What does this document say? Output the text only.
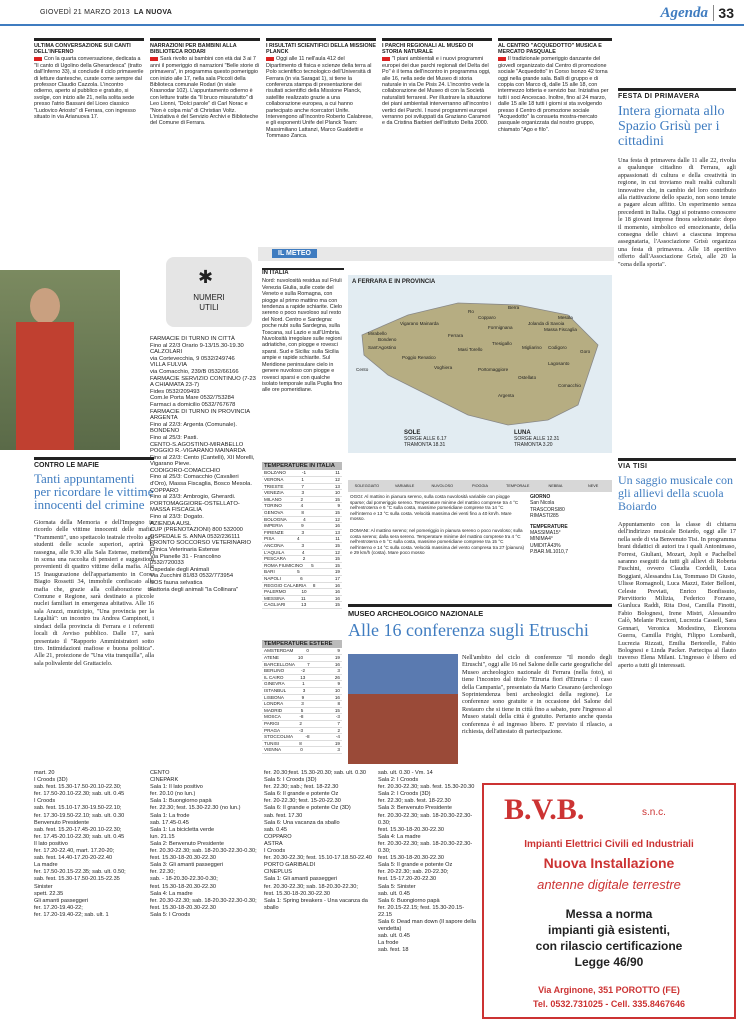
GIOVEDÌ 21 MARZO 2013 LA NUOVA	Agenda 33
ULTIMA CONVERSAZIONE SUI CANTI DELL'INFERNO

Con la quarta conversazione, dedicata a "Il canto di Ugolino della Gherardesca" (tratto dall'Inferno 33), si conclude il ciclo primaverile di letture dantesche, curate come sempre dal professor Claudio Cazzola. L'incontro odierno, aperto al pubblico e gratuito, si svolge, con inizio alle 21, nella solita sede presso l'atrio Bassani del Liceo classico "Ludovico Ariosto" di Ferrara, con ingresso situato in via Arianuova 17.

NARRAZIONI PER BAMBINI ALLA BIBLIOTECA RODARI

Sarà rivolto ai bambini con età dai 3 ai 7 anni il pomeriggio di narrazioni "Belle storie di primavera", in programma questo pomeriggio con inizio alle 17, nella sala Piccoli della Biblioteca comunale Rodari (in viale Krasnodar 102). L'appuntamento odierno è con letture tratte da "Il bruco misuratutto" di Leo Lionni, "Dolci parole" di Carl Norac e "Non è colpa mia" di Christian Voltz. L'iniziativa è del Servizio Archivi e Biblioteche del Comune di Ferrara.

I RISULTATI SCIENTIFICI DELLA MISSIONE PLANCK

Oggi alle 11 nell'aula 412 del Dipartimento di fisica e scienze della terra al Polo scientifico tecnologico dell'Università di Ferrara (in via Saragat 1), si tiene la conferenza stampa di presentazione dei risultati scientifici della Missione Planck, satellite realizzato grazie a una collaborazione europea, a cui hanno partecipato anche ricercatori Unife. Intervengono all'incontro Roberto Calabrese, e gli esponenti Unife del Planck Team: Massimiliano Lattanzi, Marco Gualdetti e Tommaso Zanca.

I PARCHI REGIONALI AL MUSEO DI STORIA NATURALE

"I piani ambientali e i nuovi programmi europei dei due parchi regionali del Delta del Po" è il tema dell'incontro in programma oggi, alle 16, nella sede del Museo di storia naturale in via De Pisis 24. L'incontro vede la collaborazione del Museo di con la Società naturalisti ferraresi. Per illustrare la situazione dei piani ambientali interverranno all'incontro i vertici dei Parchi. I nuovi programmi europei verranno poi sviluppati da Graziano Caramori e da Cristina Barbieri dell'Istituto Delta 2000.

AL CENTRO "ACQUEDOTTO" MUSICA E MERCATO PASQUALE

Il tradizionale pomeriggio danzante del giovedì organizzato dal Centro di promozione sociale "Acquedotto" in Corso Isonzo 42 torna oggi nella grande sala. Balli di gruppo e di coppia con Marco dj, dalle 15 alle 18, con intermezzo lotteria e servizio bar. Iniziativa per tutti i soci Ancescao. Inoltre, fino al 24 marzo, dalle 15 alle 18 tutti i giorni si sta svolgendo presso il Centro di promozione sociale "Acquedotto" la consueta mostra-mercato pasquale organizzata dal nostro gruppo, chiamato "Ago e filo".

FESTA DI PRIMAVERA
Intera giornata allo Spazio Grisù per i cittadini

Una festa di primavera dalle 11 alle 22, rivolta a qualunque cittadino di Ferrara, agli appassionati di cultura e della creatività in regione, in cui troviamo reali realtà culturali innovative che, in cambio del loro contributo alla riattivazione dello spazio, non sono tenute a pagare alcun affitto. Un esperimento senza precedenti in Italia. Oggi si potranno conoscere le 18 giovani imprese finora selezionate: dopo il momento, simbolico ed emozionante, della consegna delle chiavi a ciascuna impresa assegnataria, l'Associazione Grisù organizza una festa di primavera. Alle 18 aperitivo offerto dall'Associazione Grisù, alle 20 la "cena della sporta".

CONTRO LE MAFIE
Tanti appuntamenti per ricordare le vittime innocenti del crimine

Giornata della Memoria e dell'Impegno in ricordo delle vittime innocenti delle mafie. "Frammenti", uno spettacolo teatrale rivolto agli studenti delle scuole superiori, aprirà la rassegna, alle 9.30 alla Sala Estense, mettendo in scena una raccolta di pensieri e suggestioni provenienti di quattro vittime della mafia. Alle 15 Inaugurazione dell'appartamento in Corso Biagio Rossetti 34, immobile confiscato alla mafia che, grazie alla collaborazione tra Comune e Regione, sarà destinato a piccole nuclei familiari in emergenza abitativa. Alle 16 sala Arazzi, municipio, "Una provincia per la Legalità": un incontro tra Andrea Campinoti, i sindaci della provincia di Ferrara e i referenti locali di Avviso pubblico. Dalle 17, sarà presentato il "Rapporto Amministratori sotto tiro. Intimidazioni mafiose e buona politica". Alle 21, proiezione de "Una vita tranquilla", alla sala polivalente del Grattacielo.

✱
NUMERI
UTILI
FARMACIE DI TURNO IN CITTÀ
Fino al 22/3 Orario 9-13/15.30-19.30
CALZOLARI
via Cortevecchia, 9 0532/249746
VILLA FULVIA
via Comacchio, 239/B 0532/66166
FARMACIE SERVIZIO CONTINUO (7-23 A CHIAMATA 23-7)
Fides 0532/209493
Com.le Porta Mare 0532/753284
Farmaci a domicilio 0532/767678
FARMACIE DI TURNO IN PROVINCIA
ARGENTA
Fino al 22/3: Argenta (Comunale).
BONDENO
Fino al 25/3: Pasti.
CENTO-S.AGOSTINO-MIRABELLO POGGIO R.-VIGARANO MAINARDA
Fino al 22/3: Cento (Cantelli), XII Morelli, Vigarano Pieve.
CODIGORO-COMACCHIO
Fino al 25/3: Comacchio (Cavalieri d'Oro), Massa Fiscaglia, Bosco Mesola.
COPPARO
Fino al 23/3: Ambrogio, Gherardi.
PORTOMAGGIORE-OSTELLATO-MASSA FISCAGLIA
Fino al 23/3: Dogato.
AZIENDA AUSL
CUP (PRENOTAZIONI) 800 532000
OSPEDALE S. ANNA 0532/236111
PRONTO SOCCORSO VETERINARIO
Clinica Veterinaria Estense
Via Pianelle 31 - Francolino 0532/720033
Ospedale degli Animali
Via Zucchini 81/83 0532/773954
SOS fauna selvatica
Fattoria degli animali "la Collinara"
IL METEO
IN ITALIA

Nord: nuvolosità residua sul Friuli Venezia Giulia, sulle coste del Veneto e sulla Romagna, con piogge al primo mattino ma con tendenza a rapide schiarite. Cielo sereno o poco nuvoloso sul resto del Nord. Centro e Sardegna: poche nubi sulla Sardegna, sulla Toscana, sul Lazio e sull'Umbria. Nuvolosità irregolare sulle regioni adriatiche, con piogge e rovesci sparsi. Sud e Sicilia: sulla Sicilia ampie e rapide schiarite. Sul Meridione peninsulare cielo in genere nuvoloso con piogge e rovesci sparsi e con qualche isolato temporale sulla Puglia fino alle ore pomeridiane.

TEMPERATURE IN ITALIA
BOLZANO	-1	11
VERONA	1	12
TRIESTE	7	13
VENEZIA	3	10
MILANO	2	15
TORINO	4	9
GENOVA	8	15
BOLOGNA	4	12
IMPERIA	9	16
FIRENZE	3	13
PISA	4	11
ANCONA	3	15
L'AQUILA	4	12
PESCARA	2	15
ROMA FIUMICINO 5	15
BARI	5	19
NAPOLI	6	17
REGGIO CALABRIA 8	16
PALERMO	10	16
MESSINA	11	16
CAGLIARI	13	15
TEMPERATURE ESTERE
AMSTERDAM	0	9
ATENE	10	19
BARCELLONA	7	16
BERLINO	-2	3
IL CAIRO	13	26
GINEVRA	1	9
ISTANBUL	3	10
LISBONA	9	16
LONDRA	3	8
MADRID	5	15
MOSCA	-8	-3
PARIGI	2	7
PRAGA	-3	2
STOCCOLMA	-8	-4
TUNISI	8	19
VIENNA	0	3
A FERRARA E IN PROVINCIA
Bondeno
Ferrara
Copparo	Mesola
Cento
Argenta
Comacchio
Codigoro
Portomaggiore
Ostellato
Goro
Berra
Ro
Tresigallo
Formignana
Jolanda di Savoia
Massa Fiscaglia
Lagosanto
Vigarano Mainarda
Poggio Renatico
Sant'Agostino
Mirabello
Masi Torello
Voghiera
Migliarino
SOLE
SORGE ALLE 6.17
TRAMONTA 18.31
LUNA
SORGE ALLE 12.31
TRAMONTA 3.20
SOLEGGIATO	VARIABILE	NUVOLOSO	PIOGGIA	TEMPORALE	NEBBIA	NEVE

OGGI: Al mattino in pianura sereno, sulla costa nuvolosità variabile con piogge sparse; dal pomeriggio sereno. Temperature minime del mattino comprese tra 4 °C nell'entroterra e 6 °C sulla costa, massime pomeridiane comprese tra 14 °C nell'interno e 13 °C sulla costa. Velocità massima dei venti fino a 40 km/h. Mare mosso.

DOMANI: Al mattino sereno; nel pomeriggio in pianura sereno o poco nuvoloso; sulla costa sereno; dalla sera sereno. Temperature minime del mattino comprese tra 4 °C nell'entroterra e 5 °C sulla costa, massime pomeridiane comprese tra 15 °C nell'interno e 14 °C sulla costa. Velocità massima del vento compresa tra 27 (pianura) e 29 km/h (costa). Mare poco mosso

GIORNO
San Nicola
TRASCORSI80
RIMASTI285
TEMPERATURE
MASSIMA15°
MINIMA4°
UMIDITÀ43%
P.BAR.ML1010,7
MUSEO ARCHEOLOGICO NAZIONALE
Alle 16 conferenza sugli Etruschi

Nell'ambito del ciclo di conferenze "Il mondo degli Etruschi", oggi alle 16 nel Salone delle carte geografiche del Museo archeologico nazionale di Ferrara (nella foto), si tiene l'incontro dal titolo "Etruria fiori d'Etruria : il caso della Campania", presentato da Mario Cesarano (archeologo Soprintendenza beni archeologici della regione). Le conferenze sono gratuite e in occasione del Salone del Restauro che si tiene in città fino a sabato, pure l'ingresso al Museo statali della città è gratuito. Pertanto anche questa conferenza è ad ingresso libero. E' previsto il rilascio, a richiesta, dell'attestato di partecipazione.

VIA TISI
Un saggio musicale con gli allievi della scuola Boiardo

Appuntamento con la classe di chitarra dell'indirizzo musicale Boiardo, oggi alle 17 nella sede di via Benvenuto Tisi. In programma brani didattici di autori tra i quali Antonimaso, Forrest, Giuliani, Mozart, Jopli e Pachelbel saranno eseguiti da tutti gli allievi di Roberta Fuschini, ovvero Claudia Cordelli, Luca Boggiani, Alessandra Lia, Tommaso Di Giusto, Ulisse Romagnoli, Luca Mazzi, Ester Belloni, Celeste Previati, Enrico Bonfissuto, Piervittorio Milizia, Federico Forzano, Gianluca Raddi, Rita Dosi, Camilla Finotti, Fabio Bolognesi, Irene Mistri, Alessandro Calò, Melanie Piccioni, Lucrezia Cassell, Sara Gennari, Veronica Modestino, Eleonora Guerra, Camilla Frighi, Filippo Lombardi, Lucrezia Rizzati, Emilia Bertorelle, Fabio Bolognesi e Linda Packer. Partecipa al flauto traverso Elena Milani. L'ingresso è libero ed aperto a tutti gli interessati.

mart. 20
I Croods (3D)
sab. fest. 15.30-17.50-20.10-22.30;
fer. 17.50-20.10-22.30; sab. ult. 0.45
I Croods
sab. fest. 15.10-17.30-19.50-22.10;
fer. 17.30-19.50-22.10; sab. ult. 0.30
Benvenuto Presidente
sab. fest. 15.20-17.45-20.10-22.30;
fer. 17.45-20.10-22.30; sab. ult. 0.45
Il lato positivo
fer. 17.20-22.40, mart. 17.20-20;
sab. fest. 14.40-17.20-20-22.40
La madre
fer. 17.50-20.15-22.35; sab. ult. 0.50;
sab. fest. 15.30-17.50-20.15-22.35
Sinister
spett. 22.35
Gli amanti passeggeri
fer. 17.20-19.40-22;
fer. 17.20-19.40-22; sab. ult. 1
CENTO
CINEPARK
Sala 1: Il lato positivo
fer. 20.10 (no lun.)
Sala 1: Buongiorno papà
fer. 22.30; fest. 15.30-22.30 (no lun.)
Sala 1: La frode
sab. 17.45-0.45
Sala 1: La bicicletta verde
lun. 21.15
Sala 2: Benvenuto Presidente
fer. 20.30-22.30; sab. 18-20.30-22.30-0.30;
fest. 15.30-18-20.30-22.30
Sala 3: Gli amanti passeggeri
fer. 22.30;
sab. - 18-20.30-22.30-0.30;
fest. 15.30-18-20.30-22.30
Sala 4: La madre
fer. 20.30-22.30; sab. 18-20.30-22.30-0.30;
fest. 15.30-18-20.30-22.30
Sala 5: I Croods
fer. 20.30;fest. 15.30-20.30; sab. ult. 0.30
Sala 5: I Croods (3D)
fer. 22.30; sab.; fest. 18-22.30
Sala 6: Il grande e potente Oz
fer. 20-22.30; fest. 15-20-22.30
Sala 6: Il grande e potente Oz (3D)
sab. fest. 17.30
Sala 6: Una vacanza da sballo
sab. 0.45
COPPARO
ASTRA
I Croods
fer. 20.30-22.30; fest. 15.10-17.18.50-22.40
PORTO GARIBALDI
CINEPLUS
Sala 1: Gli amanti passeggeri
fer. 20.30-22.30; sab. 18-20.30-22.30;
fest. 15.30-18-20.30-22.30
Sala 1: Spring breakers - Una vacanza da sballo
sab. ult. 0.30 - Vm. 14
Sala 2: I Croods
fer. 20.30-22.30; sab. fest. 15.30-20.30
Sala 2: I Croods (3D)
fer. 22.30; sab. fest. 18-22.30
Sala 3: Benvenuto Presidente
fer. 20.30-22.30; sab. 18-20.30-22.30-0.30;
fest. 15.30-18-20.30-22.30
Sala 4: La madre
fer. 20.30-22.30; sab. 18-20.30-22.30-0.30;
fest. 15.30-18-20.30-22.30
Sala 5: Il grande e potente Oz
fer. 20-22.30; sab. 20-22.30;
fest. 15-17.20-20-22.30
Sala 5: Sinister
sab. ult. 0.45
Sala 6: Buongiorno papà
fer. 20.15-22.15; fest. 15.30-20.15-22.15
Sala 6: Dead man down (Il sapore della vendetta)
sab. ult. 0.45
La frode
sab. fest. 18
B.V.B.	s.n.c.
Impianti Elettrici Civili ed Industriali
Nuova Installazione
antenne digitale terrestre
Messa a norma
impianti già esistenti,
con rilascio certificazione
Legge 46/90
Via Arginone, 351 POROTTO (FE)
Tel. 0532.731025 - Cell. 335.8467646
